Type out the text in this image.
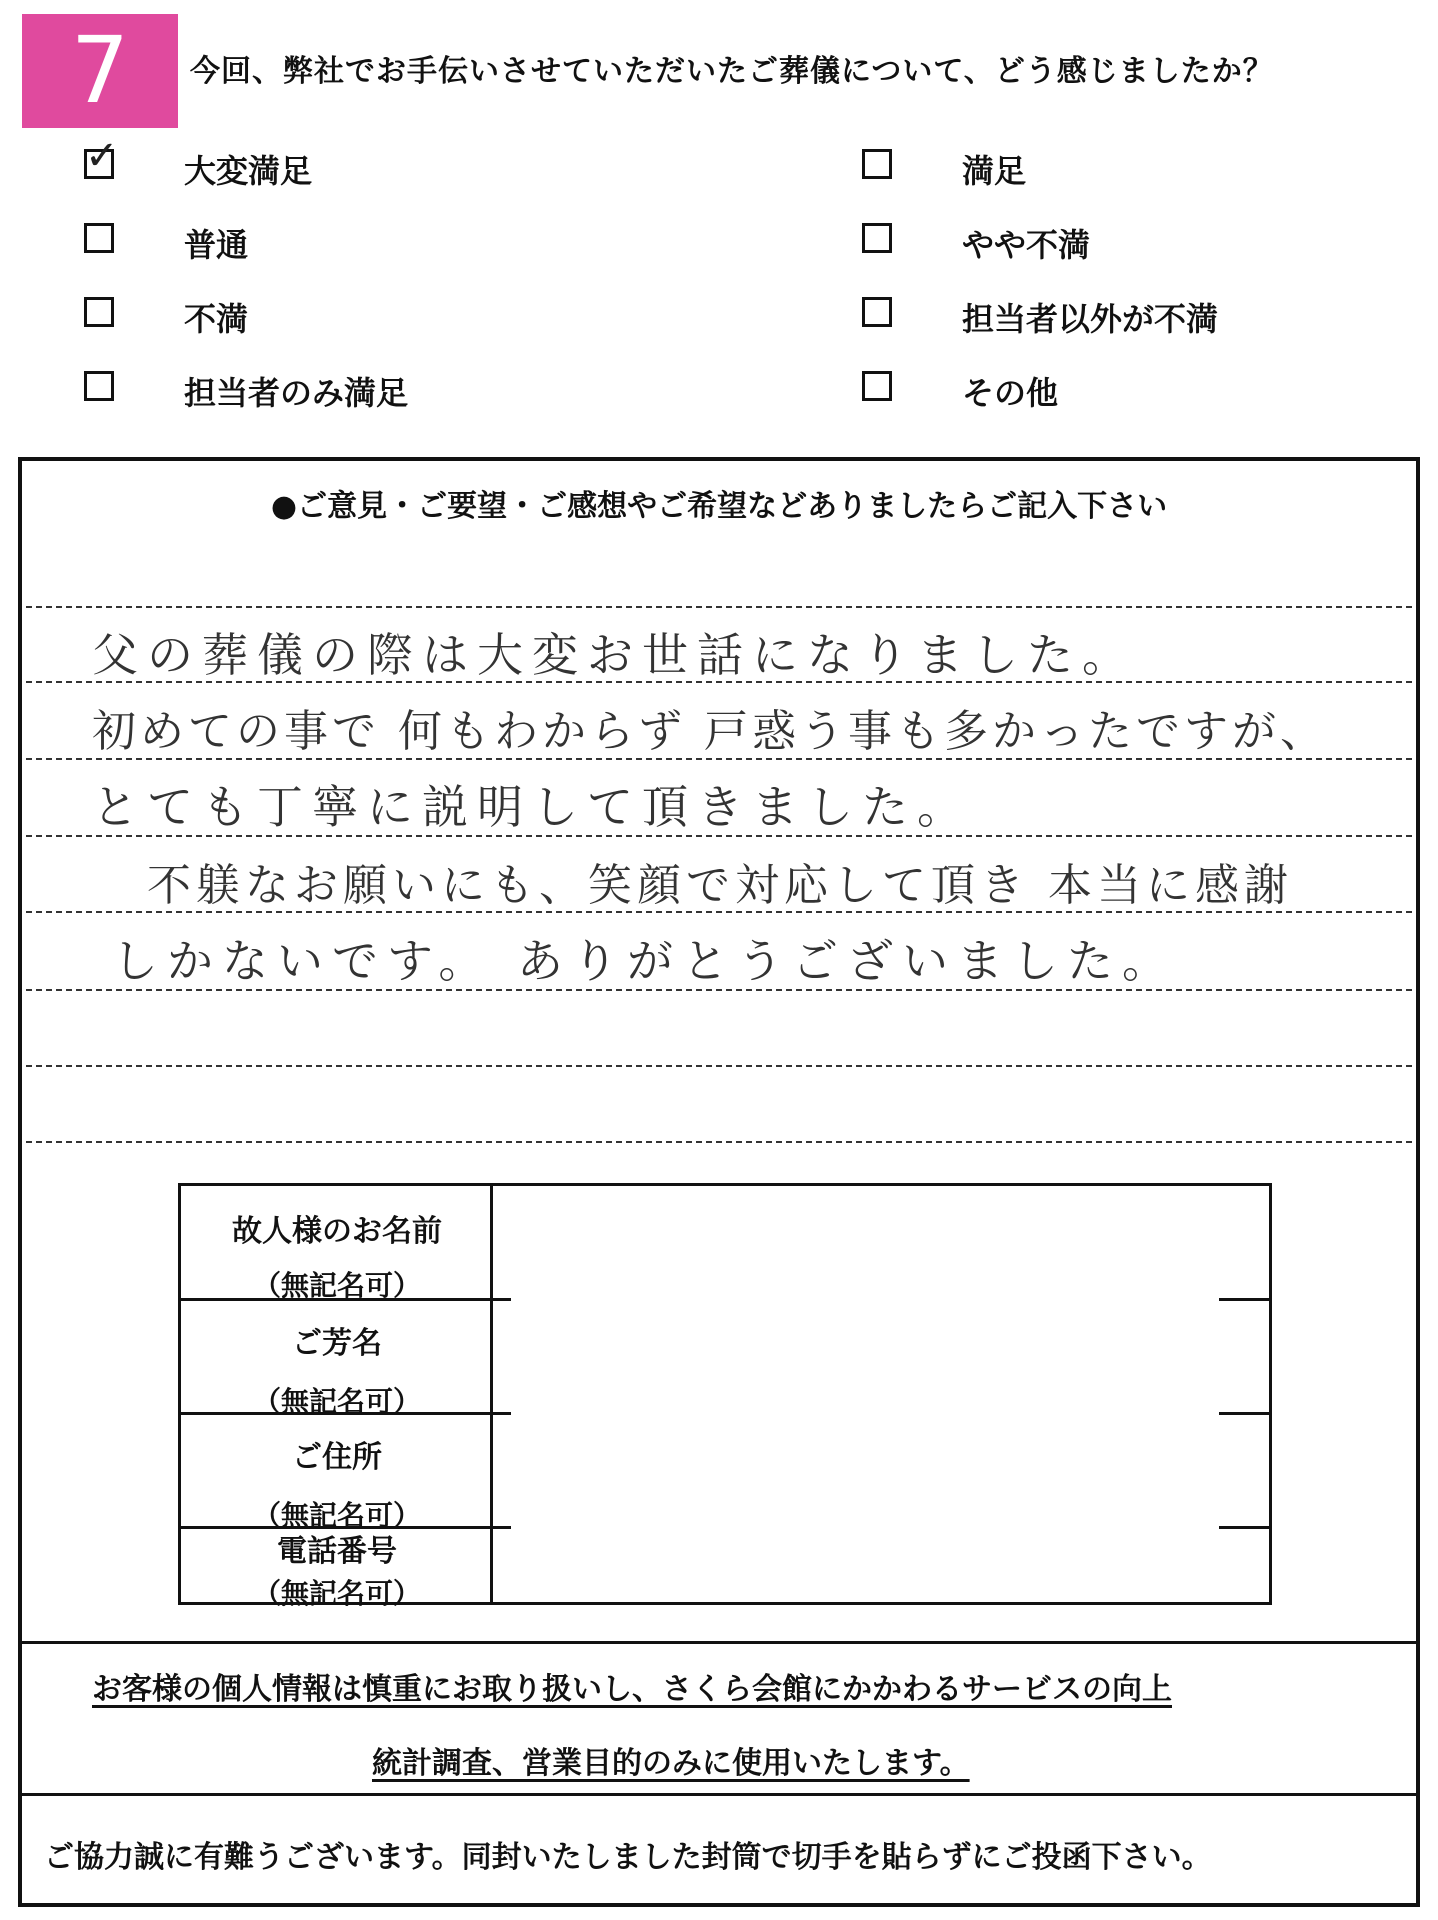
7	今回、弊社でお手伝いさせていただいたご葬儀について、どう感じましたか？
✓ 大変満足	満足
普通	やや不満
不満	担当者以外が不満
担当者のみ満足	その他
●ご意見・ご要望・ご感想やご希望などありましたらご記入下さい
父の葬儀の際は大変お世話になりました。
初めての事で 何もわからず 戸惑う事も多かったですが、
とても丁寧に説明して頂きました。
不躾なお願いにも、笑顔で対応して頂き 本当に感謝
しかないです。 ありがとうございました。
故人様のお名前
（無記名可）
ご芳名
（無記名可）
ご住所
（無記名可）
電話番号
（無記名可）
お客様の個人情報は慎重にお取り扱いし、さくら会館にかかわるサービスの向上
統計調査、営業目的のみに使用いたします。
ご協力誠に有難うございます。同封いたしました封筒で切手を貼らずにご投函下さい。
